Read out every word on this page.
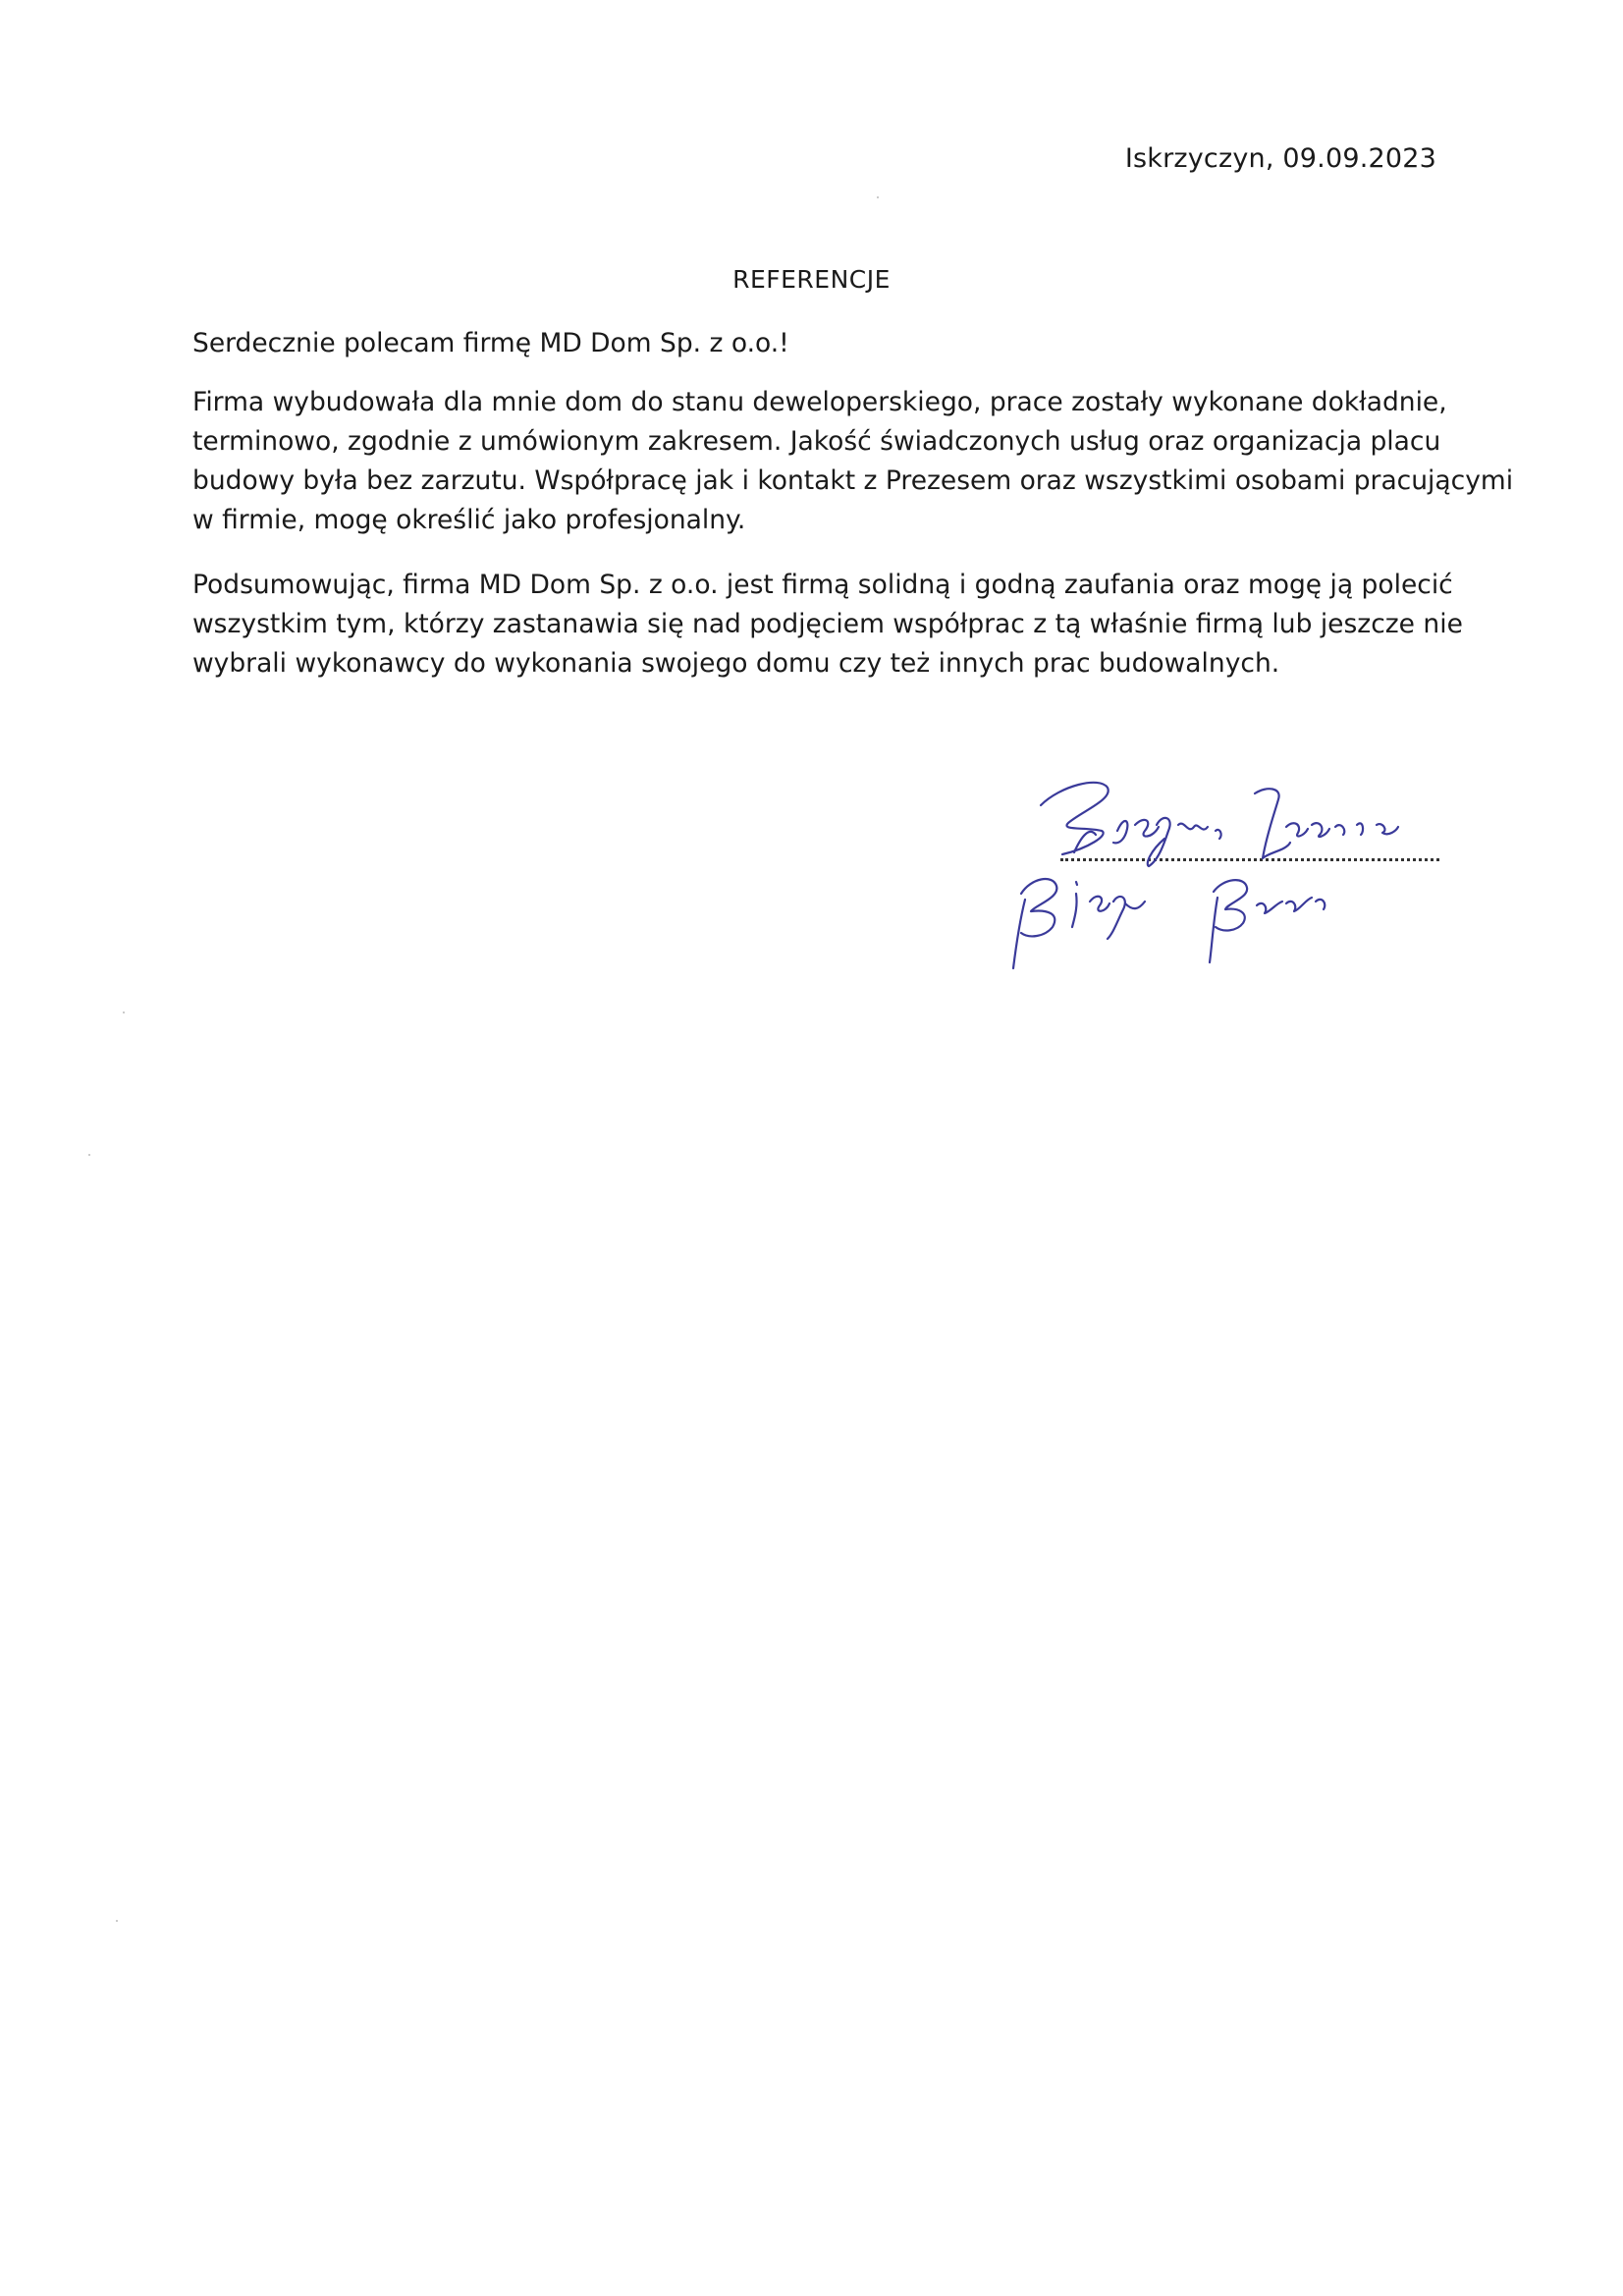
Iskrzyczyn, 09.09.2023
REFERENCJE

Serdecznie polecam firmę MD Dom Sp. z o.o.!

Firma wybudowała dla mnie dom do stanu deweloperskiego, prace zostały wykonane dokładnie,

terminowo, zgodnie z umówionym zakresem. Jakość świadczonych usług oraz organizacja placu

budowy była bez zarzutu. Współpracę jak i kontakt z Prezesem oraz wszystkimi osobami pracującymi

w firmie, mogę określić jako profesjonalny.

Podsumowując, firma MD Dom Sp. z o.o. jest firmą solidną i godną zaufania oraz mogę ją polecić

wszystkim tym, którzy zastanawia się nad podjęciem współprac z tą właśnie firmą lub jeszcze nie

wybrali wykonawcy do wykonania swojego domu czy też innych prac budowalnych.
